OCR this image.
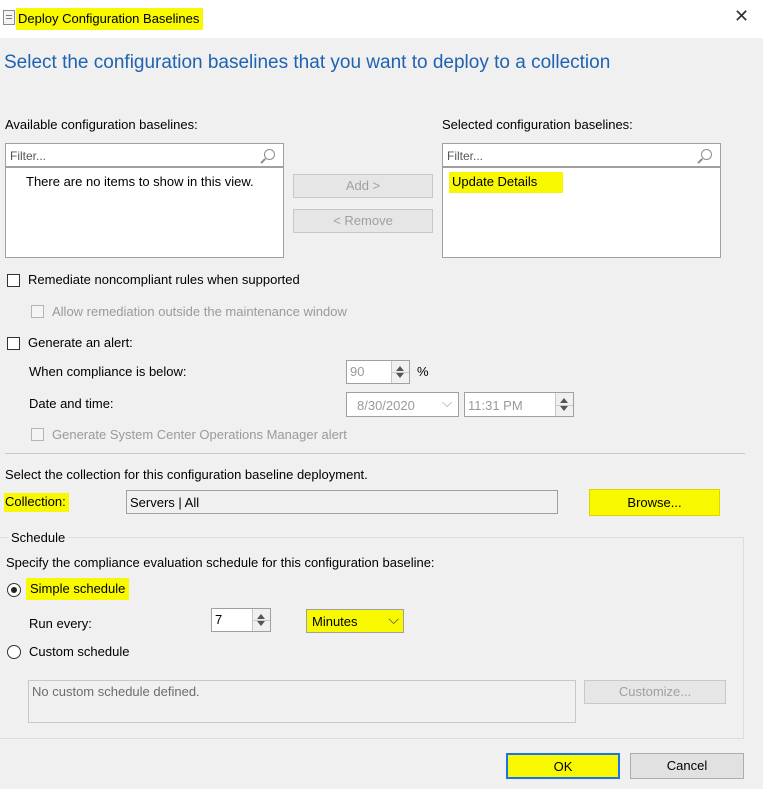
Deploy Configuration Baselines	✕
Select the configuration baselines that you want to deploy to a collection
Available configuration baselines:
Filter...
There are no items to show in this view.	Add >
< Remove
Selected configuration baselines:
Filter...
Update Details
Remediate noncompliant rules when supported
Allow remediation outside the maintenance window
Generate an alert:
When compliance is below:	90	%
Date and time:	8/30/2020 ⌵ 11:31 PM
Generate System Center Operations Manager alert
Select the collection for this configuration baseline deployment.
Collection:	Servers | All	Browse...
Schedule
Specify the compliance evaluation schedule for this configuration baseline:
Simple schedule
Run every:	7	Minutes ⌵
Custom schedule
No custom schedule defined.	Customize...
OK	Cancel
